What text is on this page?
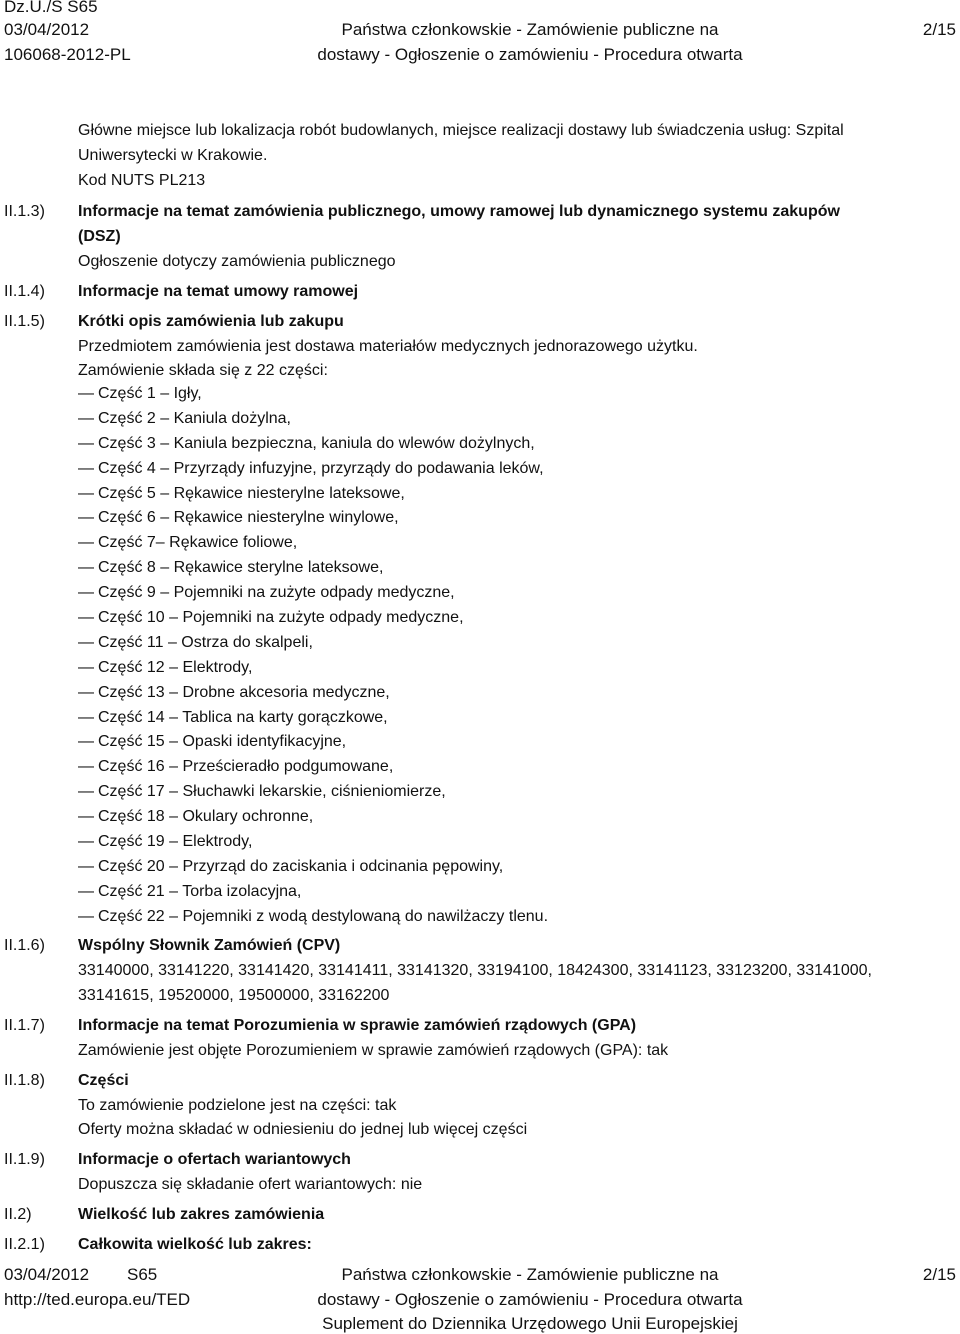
Dz.U./S S65
03/04/2012
106068-2012-PL
Państwa członkowskie - Zamówienie publiczne na
dostawy - Ogłoszenie o zamówieniu - Procedura otwarta
2/15
Główne miejsce lub lokalizacja robót budowlanych, miejsce realizacji dostawy lub świadczenia usług: Szpital
Uniwersytecki w Krakowie.
Kod NUTS PL213
II.1.3)	Informacje na temat zamówienia publicznego, umowy ramowej lub dynamicznego systemu zakupów
(DSZ)
Ogłoszenie dotyczy zamówienia publicznego
II.1.4)	Informacje na temat umowy ramowej
II.1.5)	Krótki opis zamówienia lub zakupu
Przedmiotem zamówienia jest dostawa materiałów medycznych jednorazowego użytku.
Zamówienie składa się z 22 części:
— Część 1 – Igły,
— Część 2 – Kaniula dożylna,
— Część 3 – Kaniula bezpieczna, kaniula do wlewów dożylnych,
— Część 4 – Przyrządy infuzyjne, przyrządy do podawania leków,
— Część 5 – Rękawice niesterylne lateksowe,
— Część 6 – Rękawice niesterylne winylowe,
— Część 7– Rękawice foliowe,
— Część 8 – Rękawice sterylne lateksowe,
— Część 9 – Pojemniki na zużyte odpady medyczne,
— Część 10 – Pojemniki na zużyte odpady medyczne,
— Część 11 – Ostrza do skalpeli,
— Część 12 – Elektrody,
— Część 13 – Drobne akcesoria medyczne,
— Część 14 – Tablica na karty gorączkowe,
— Część 15 – Opaski identyfikacyjne,
— Część 16 – Prześcieradło podgumowane,
— Część 17 – Słuchawki lekarskie, ciśnieniomierze,
— Część 18 – Okulary ochronne,
— Część 19 – Elektrody,
— Część 20 – Przyrząd do zaciskania i odcinania pępowiny,
— Część 21 – Torba izolacyjna,
— Część 22 – Pojemniki z wodą destylowaną do nawilżaczy tlenu.
II.1.6)	Wspólny Słownik Zamówień (CPV)
33140000, 33141220, 33141420, 33141411, 33141320, 33194100, 18424300, 33141123, 33123200, 33141000,
33141615, 19520000, 19500000, 33162200
II.1.7)	Informacje na temat Porozumienia w sprawie zamówień rządowych (GPA)
Zamówienie jest objęte Porozumieniem w sprawie zamówień rządowych (GPA): tak
II.1.8)	Części
To zamówienie podzielone jest na części: tak
Oferty można składać w odniesieniu do jednej lub więcej części
II.1.9)	Informacje o ofertach wariantowych
Dopuszcza się składanie ofert wariantowych: nie
II.2)	Wielkość lub zakres zamówienia
II.2.1)	Całkowita wielkość lub zakres:
03/04/2012 S65
http://ted.europa.eu/TED
Państwa członkowskie - Zamówienie publiczne na
dostawy - Ogłoszenie o zamówieniu - Procedura otwarta
Suplement do Dziennika Urzędowego Unii Europejskiej
2/15
